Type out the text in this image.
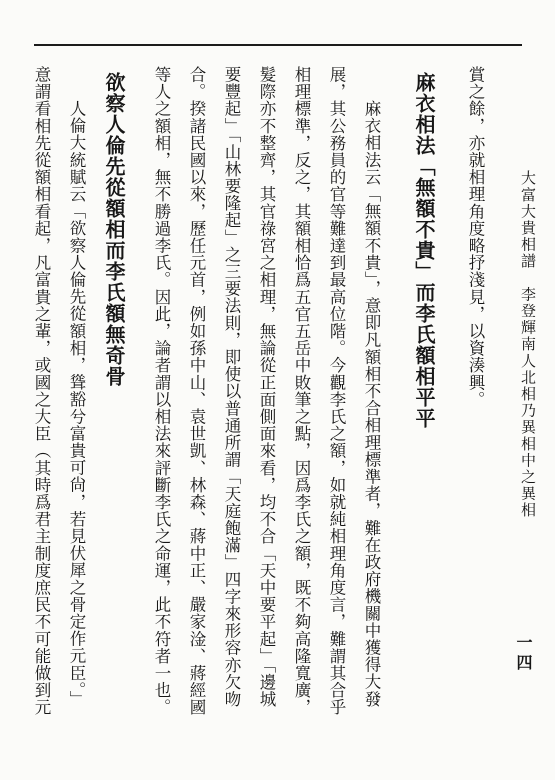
大富大貴相譜　李登輝南人北相乃異相中之異相
一四
賞之餘，亦就相理角度略抒淺見，以資湊興。
麻衣相法「無額不貴」而李氏額相平平
麻衣相法云「無額不貴」，意即凡額相不合相理標準者，難在政府機關中獲得大發
展，其公務員的官等難達到最高位階。今觀李氏之額，如就純相理角度言，難謂其合乎
相理標準，反之，其額相恰爲五官五岳中敗筆之點，因爲李氏之額，既不夠高隆寬廣，
髮際亦不整齊，其官祿宮之相理，無論從正面側面來看，均不合「天中要平起」「邊城
要豐起」「山林要隆起」之三要法則，即使以普通所謂「天庭飽滿」四字來形容亦欠吻
合。揆諸民國以來，歷任元首，例如孫中山、袁世凱、林森、蔣中正、嚴家淦、蔣經國
等人之額相，無不勝過李氏。因此，論者謂以相法來評斷李氏之命運，此不符者一也。
欲察人倫先從額相而李氏額無奇骨
人倫大統賦云「欲察人倫先從額相，聳豁兮富貴可尙，若見伏犀之骨定作元臣。」
意謂看相先從額相看起，凡富貴之輩，或國之大臣（其時爲君主制度庶民不可能做到元
